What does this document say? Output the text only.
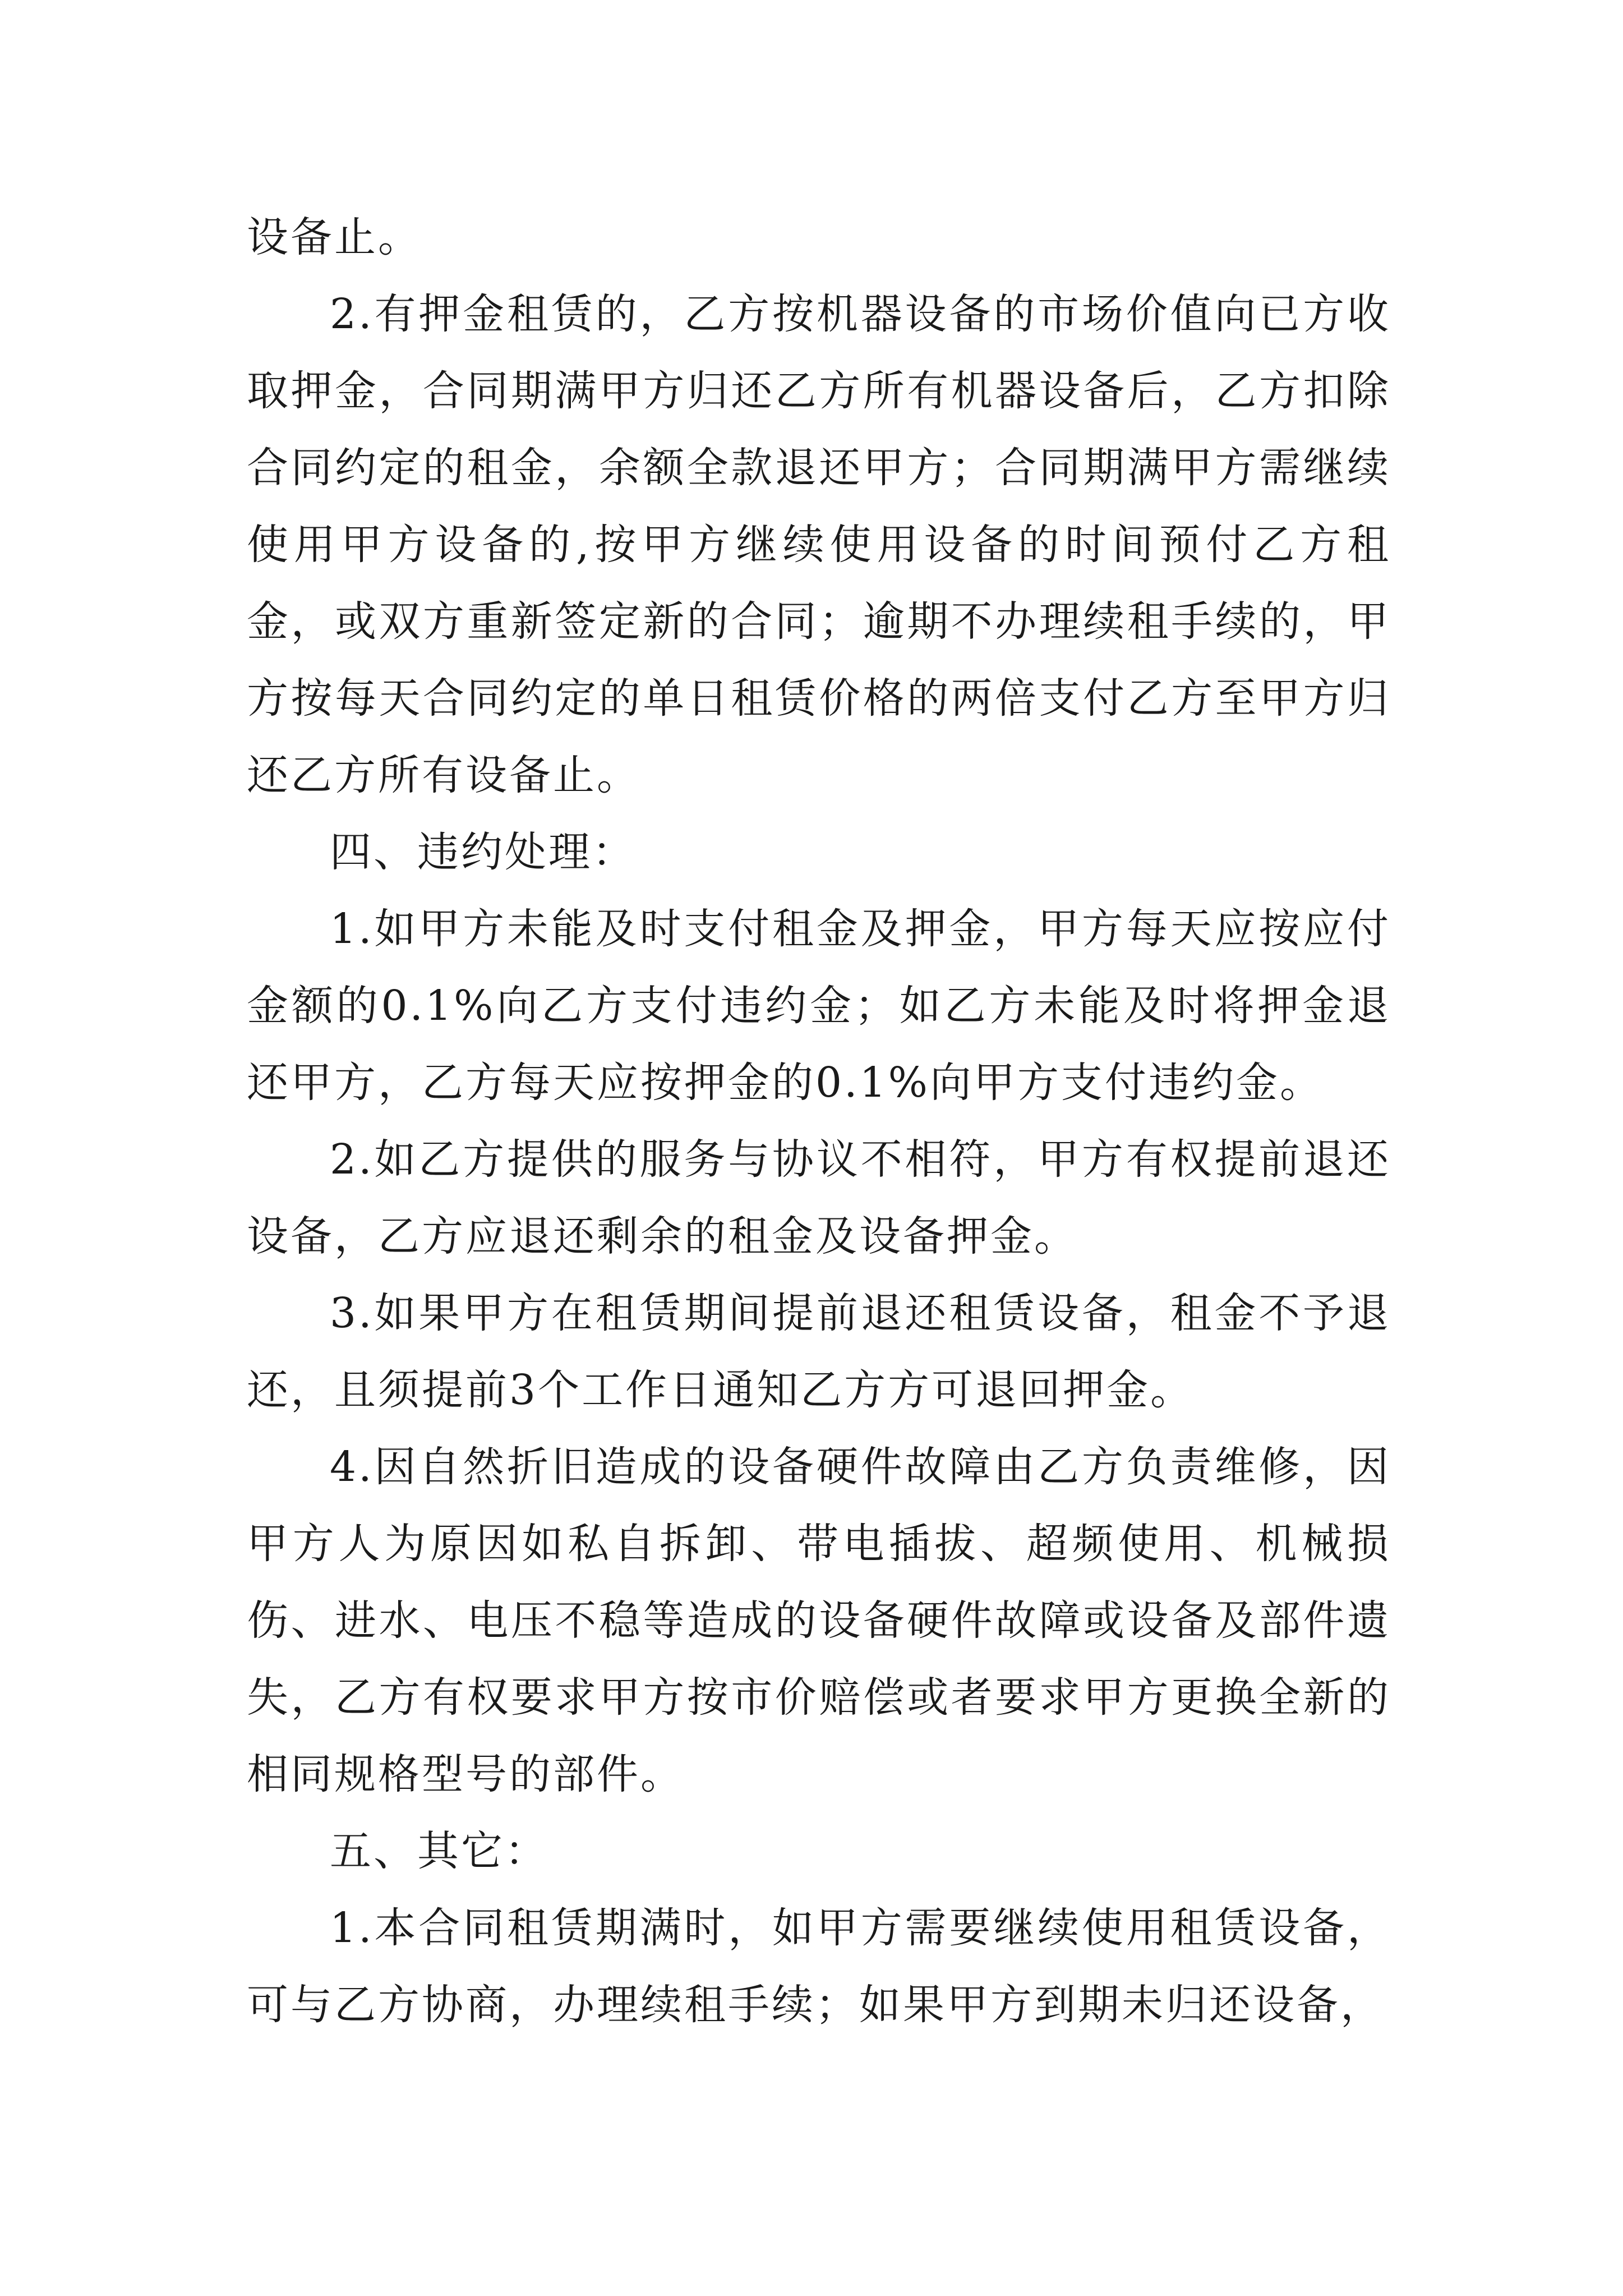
设备止。

2.有押金租赁的，乙方按机器设备的市场价值向已方收取押金，合同期满甲方归还乙方所有机器设备后，乙方扣除合同约定的租金，余额全款退还甲方；合同期满甲方需继续使用甲方设备的,按甲方继续使用设备的时间预付乙方租金，或双方重新签定新的合同；逾期不办理续租手续的，甲方按每天合同约定的单日租赁价格的两倍支付乙方至甲方归还乙方所有设备止。

四、违约处理：

1.如甲方未能及时支付租金及押金，甲方每天应按应付金额的0.1%向乙方支付违约金；如乙方未能及时将押金退还甲方，乙方每天应按押金的0.1%向甲方支付违约金。

2.如乙方提供的服务与协议不相符，甲方有权提前退还设备，乙方应退还剩余的租金及设备押金。

3.如果甲方在租赁期间提前退还租赁设备，租金不予退还，且须提前3个工作日通知乙方方可退回押金。

4.因自然折旧造成的设备硬件故障由乙方负责维修，因甲方人为原因如私自拆卸、带电插拔、超频使用、机械损伤、进水、电压不稳等造成的设备硬件故障或设备及部件遗失，乙方有权要求甲方按市价赔偿或者要求甲方更换全新的相同规格型号的部件。

五、其它：

1.本合同租赁期满时，如甲方需要继续使用租赁设备，可与乙方协商，办理续租手续；如果甲方到期未归还设备，
